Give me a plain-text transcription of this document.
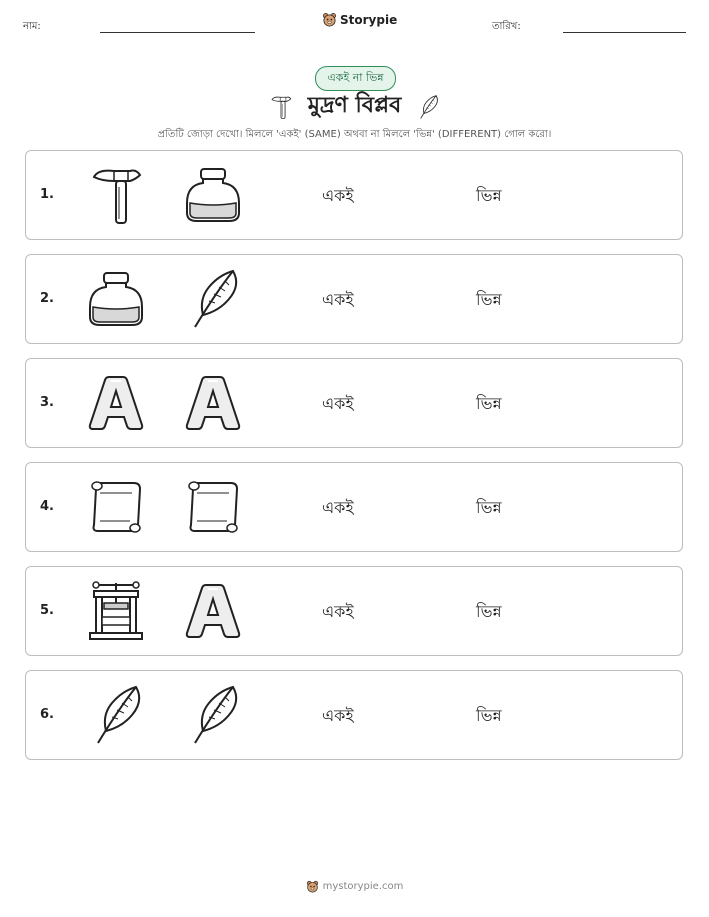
নাম:	Storypie	তারিখ:
একই না ভিন্ন
মুদ্রণ বিপ্লব
প্রতিটি জোড়া দেখো। মিললে 'একই' (SAME) অথবা না মিললে 'ভিন্ন' (DIFFERENT) গোল করো।
1.	একই	ভিন্ন
2.	একই	ভিন্ন
3.	একই	ভিন্ন
4.	একই	ভিন্ন
5.	একই	ভিন্ন
6.	একই	ভিন্ন
mystorypie.com
